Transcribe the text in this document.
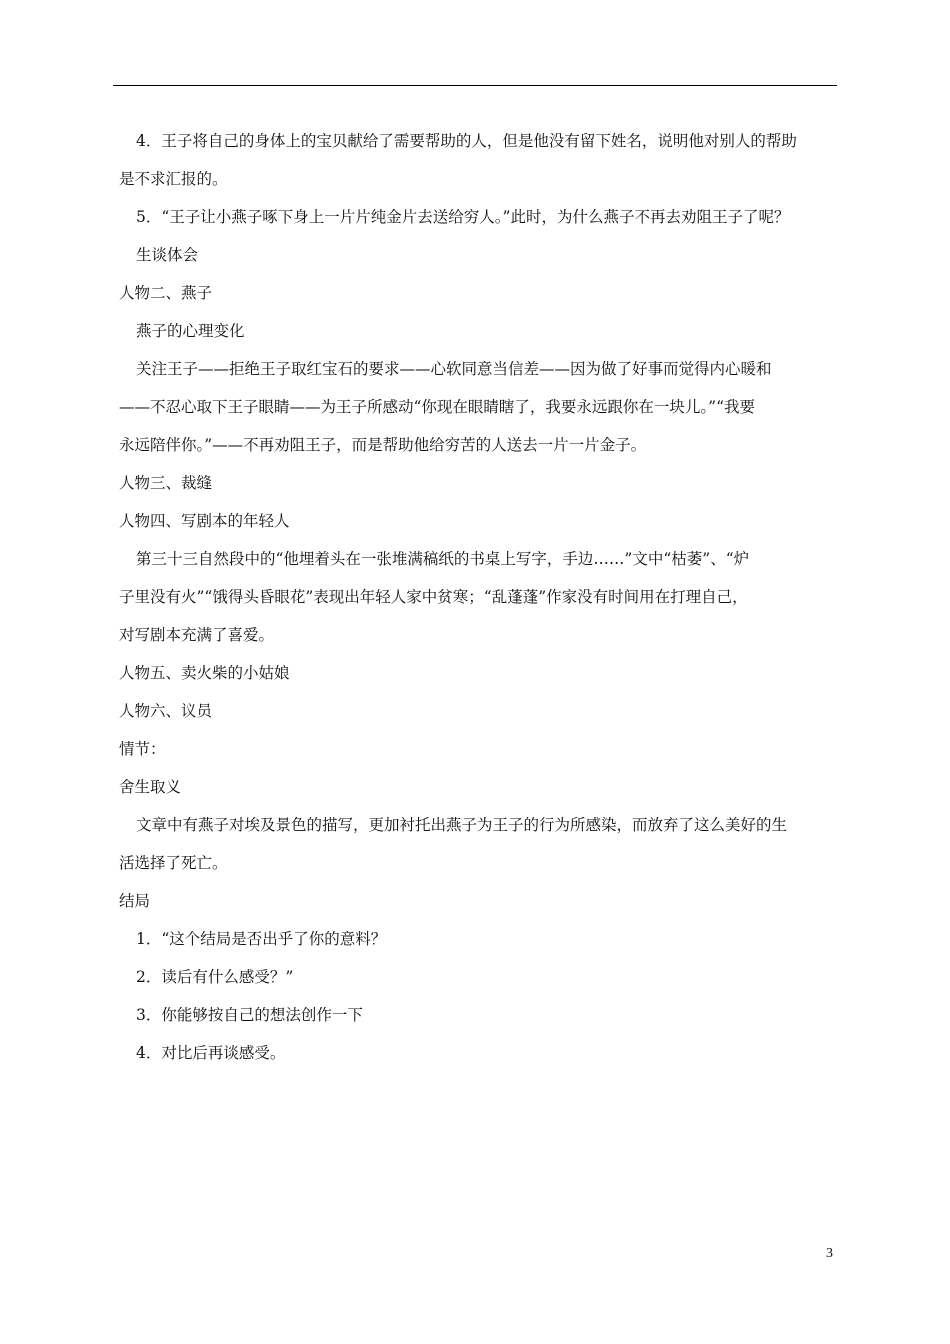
4．王子将自己的身体上的宝贝献给了需要帮助的人，但是他没有留下姓名，说明他对别人的帮助
是不求汇报的。
5．“王子让小燕子啄下身上一片片纯金片去送给穷人。”此时，为什么燕子不再去劝阻王子了呢？
生谈体会
人物二、燕子
燕子的心理变化
关注王子——拒绝王子取红宝石的要求——心软同意当信差——因为做了好事而觉得内心暖和
——不忍心取下王子眼睛——为王子所感动“你现在眼睛瞎了，我要永远跟你在一块儿。”“我要
永远陪伴你。”——不再劝阻王子，而是帮助他给穷苦的人送去一片一片金子。
人物三、裁缝
人物四、写剧本的年轻人
第三十三自然段中的“他埋着头在一张堆满稿纸的书桌上写字，手边……”文中“枯萎”、“炉
子里没有火”“饿得头昏眼花”表现出年轻人家中贫寒；“乱蓬蓬”作家没有时间用在打理自己，
对写剧本充满了喜爱。
人物五、卖火柴的小姑娘
人物六、议员
情节：
舍生取义
文章中有燕子对埃及景色的描写，更加衬托出燕子为王子的行为所感染，而放弃了这么美好的生
活选择了死亡。
结局
1．“这个结局是否出乎了你的意料？
2．读后有什么感受？”
3．你能够按自己的想法创作一下
4．对比后再谈感受。
3
